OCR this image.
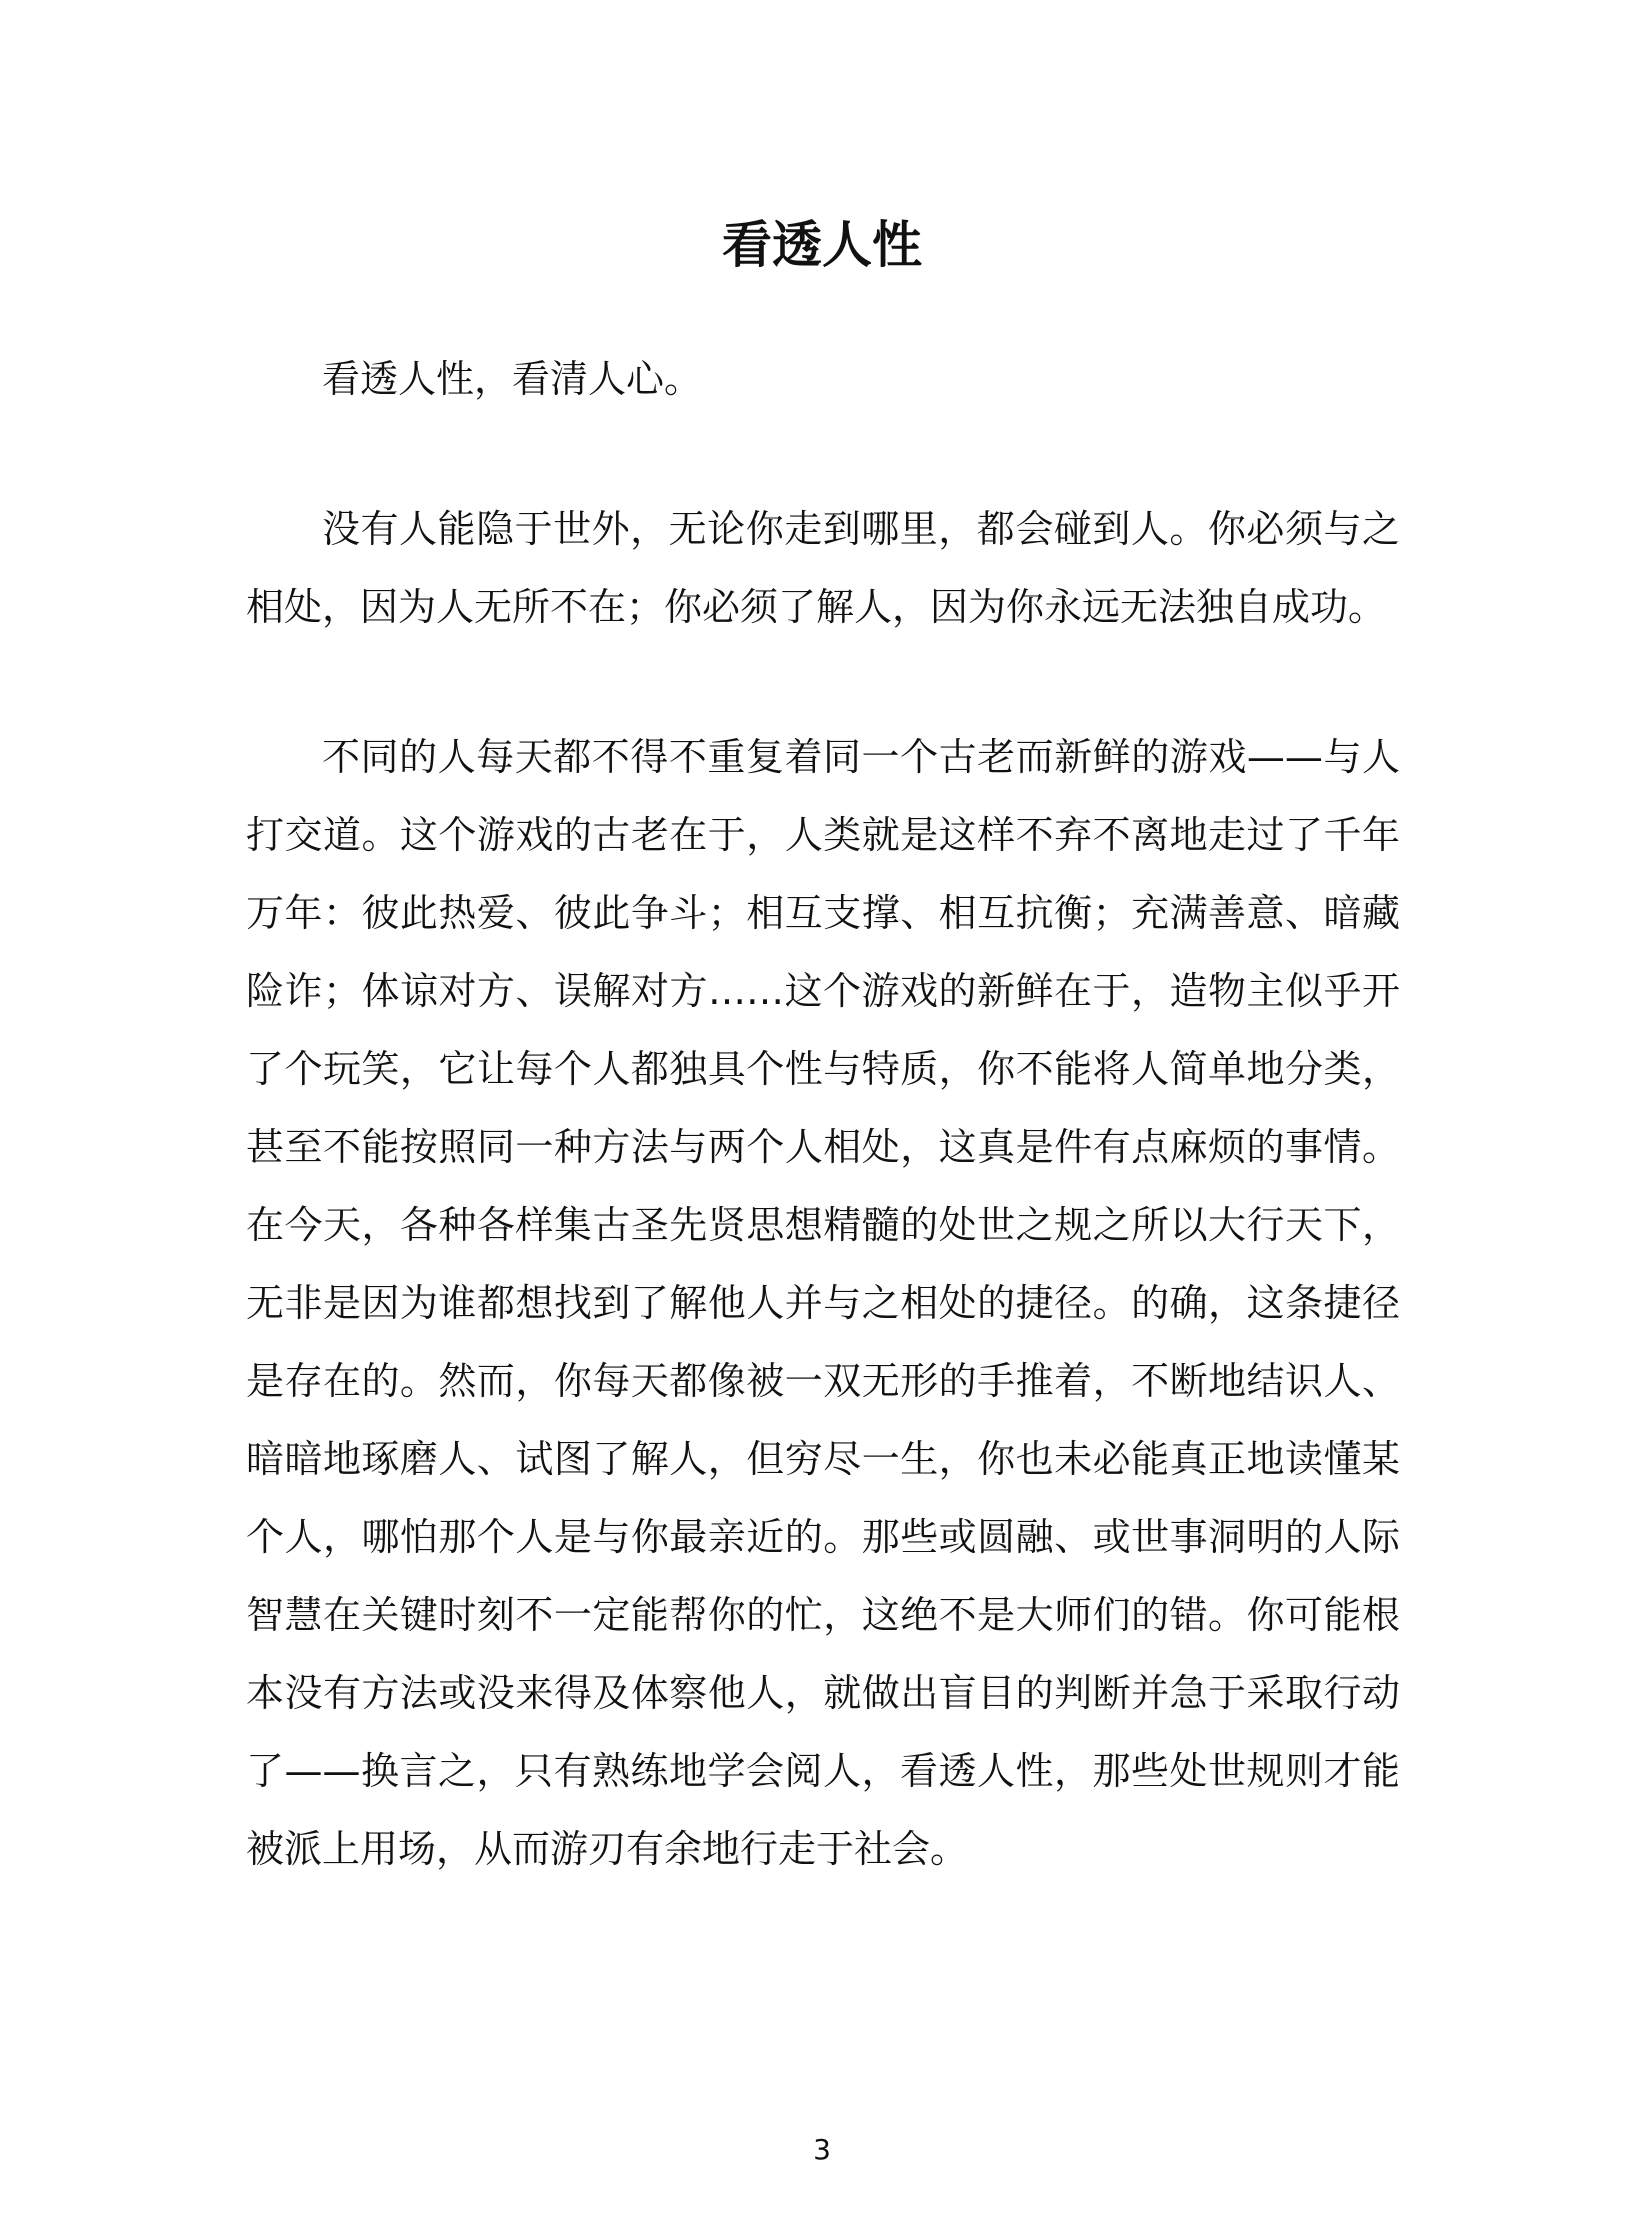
看透人性

看透人性，看清人心。

没有人能隐于世外，无论你走到哪里，都会碰到人。你必须与之相处，因为人无所不在；你必须了解人，因为你永远无法独自成功。

不同的人每天都不得不重复着同一个古老而新鲜的游戏——与人打交道。这个游戏的古老在于，人类就是这样不弃不离地走过了千年万年：彼此热爱、彼此争斗；相互支撑、相互抗衡；充满善意、暗藏险诈；体谅对方、误解对方……这个游戏的新鲜在于，造物主似乎开了个玩笑，它让每个人都独具个性与特质，你不能将人简单地分类，甚至不能按照同一种方法与两个人相处，这真是件有点麻烦的事情。在今天，各种各样集古圣先贤思想精髓的处世之规之所以大行天下，无非是因为谁都想找到了解他人并与之相处的捷径。的确，这条捷径是存在的。然而，你每天都像被一双无形的手推着，不断地结识人、暗暗地琢磨人、试图了解人，但穷尽一生，你也未必能真正地读懂某个人，哪怕那个人是与你最亲近的。那些或圆融、或世事洞明的人际智慧在关键时刻不一定能帮你的忙，这绝不是大师们的错。你可能根本没有方法或没来得及体察他人，就做出盲目的判断并急于采取行动了——换言之，只有熟练地学会阅人，看透人性，那些处世规则才能被派上用场，从而游刃有余地行走于社会。

3
